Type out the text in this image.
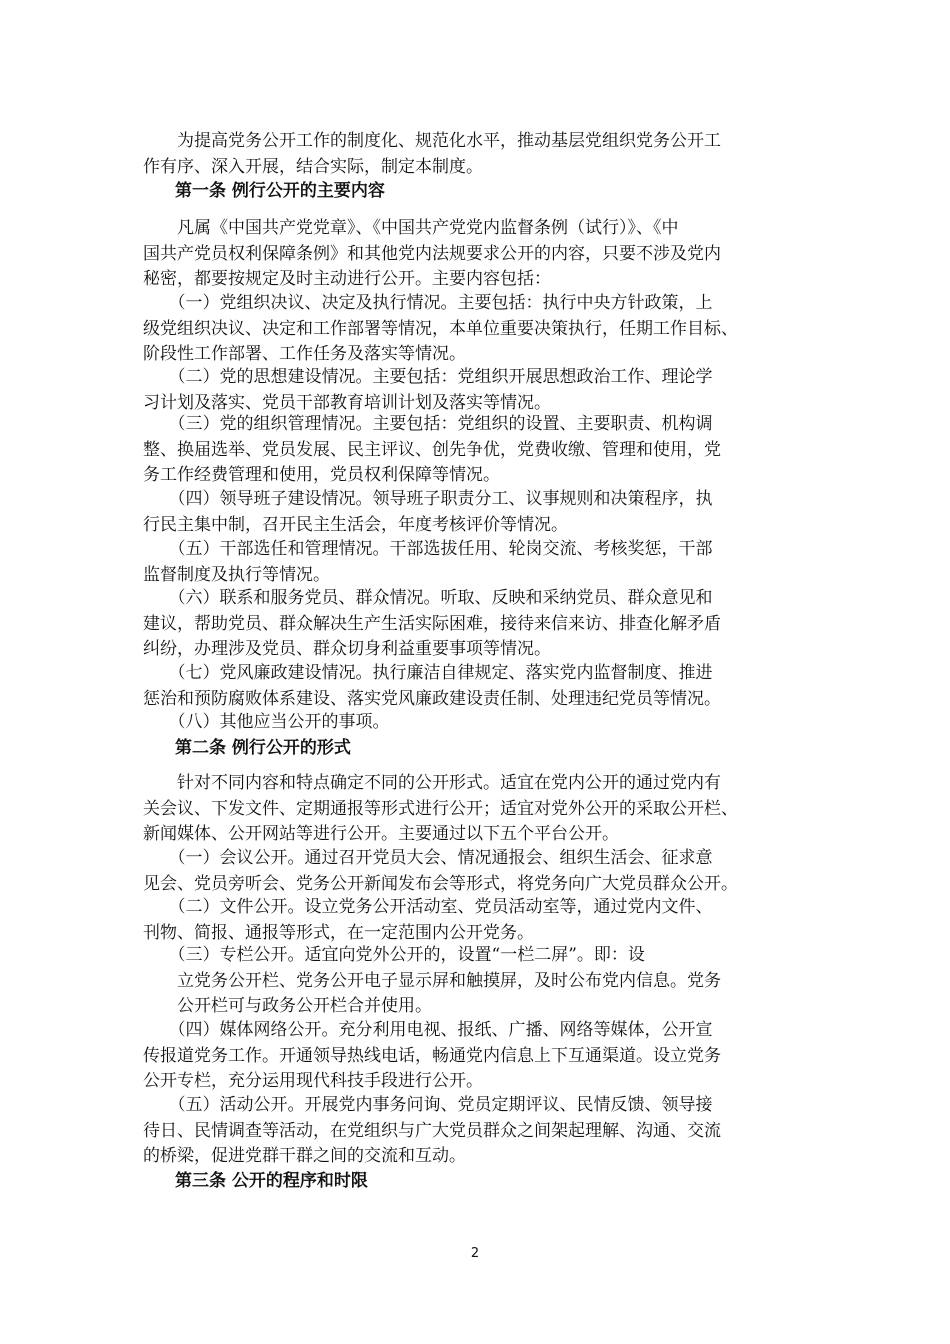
　　为提高党务公开工作的制度化、规范化水平，推动基层党组织党务公开工
作有序、深入开展，结合实际，制定本制度。
第一条 例行公开的主要内容
　　凡属《中国共产党党章》、《中国共产党党内监督条例（试行）》、《中
国共产党员权利保障条例》和其他党内法规要求公开的内容，只要不涉及党内
秘密，都要按规定及时主动进行公开。主要内容包括：
　　（一）党组织决议、决定及执行情况。主要包括：执行中央方针政策，上
级党组织决议、决定和工作部署等情况，本单位重要决策执行，任期工作目标、
阶段性工作部署、工作任务及落实等情况。
　　（二）党的思想建设情况。主要包括：党组织开展思想政治工作、理论学
习计划及落实、党员干部教育培训计划及落实等情况。
　　（三）党的组织管理情况。主要包括：党组织的设置、主要职责、机构调
整、换届选举、党员发展、民主评议、创先争优，党费收缴、管理和使用，党
务工作经费管理和使用，党员权利保障等情况。
　　（四）领导班子建设情况。领导班子职责分工、议事规则和决策程序，执
行民主集中制，召开民主生活会，年度考核评价等情况。
　　（五）干部选任和管理情况。干部选拔任用、轮岗交流、考核奖惩，干部
监督制度及执行等情况。
　　（六）联系和服务党员、群众情况。听取、反映和采纳党员、群众意见和
建议，帮助党员、群众解决生产生活实际困难，接待来信来访、排查化解矛盾
纠纷，办理涉及党员、群众切身利益重要事项等情况。
　　（七）党风廉政建设情况。执行廉洁自律规定、落实党内监督制度、推进
惩治和预防腐败体系建设、落实党风廉政建设责任制、处理违纪党员等情况。
　　（八）其他应当公开的事项。
第二条 例行公开的形式
　　针对不同内容和特点确定不同的公开形式。适宜在党内公开的通过党内有
关会议、下发文件、定期通报等形式进行公开；适宜对党外公开的采取公开栏、
新闻媒体、公开网站等进行公开。主要通过以下五个平台公开。
　　（一）会议公开。通过召开党员大会、情况通报会、组织生活会、征求意
见会、党员旁听会、党务公开新闻发布会等形式，将党务向广大党员群众公开。
　　（二）文件公开。设立党务公开活动室、党员活动室等，通过党内文件、
刊物、简报、通报等形式，在一定范围内公开党务。
　　（三）专栏公开。适宜向党外公开的，设置“一栏二屏”。即：设
　　立党务公开栏、党务公开电子显示屏和触摸屏，及时公布党内信息。党务
　　公开栏可与政务公开栏合并使用。
　　（四）媒体网络公开。充分利用电视、报纸、广播、网络等媒体，公开宣
传报道党务工作。开通领导热线电话，畅通党内信息上下互通渠道。设立党务
公开专栏，充分运用现代科技手段进行公开。
　　（五）活动公开。开展党内事务问询、党员定期评议、民情反馈、领导接
待日、民情调查等活动，在党组织与广大党员群众之间架起理解、沟通、交流
的桥梁，促进党群干群之间的交流和互动。
第三条 公开的程序和时限
2
